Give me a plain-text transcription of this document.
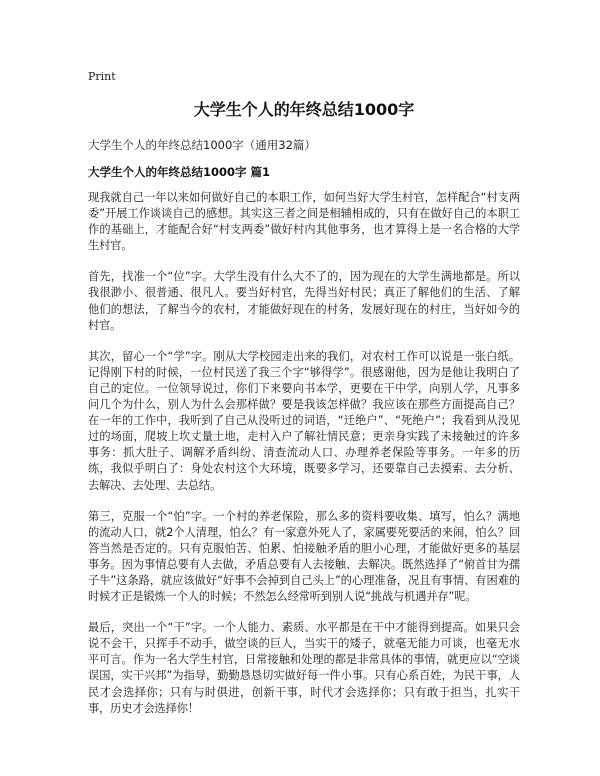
Print
大学生个人的年终总结1000字
大学生个人的年终总结1000字（通用32篇）
大学生个人的年终总结1000字 篇1

现我就自己一年以来如何做好自己的本职工作，如何当好大学生村官，怎样配合“村支两委”开展工作谈谈自己的感想。其实这三者之间是相辅相成的，只有在做好自己的本职工作的基础上，才能配合好“村支两委”做好村内其他事务，也才算得上是一名合格的大学生村官。

首先，找准一个“位”字。大学生没有什么大不了的，因为现在的大学生满地都是。所以我很渺小、很普通、很凡人。要当好村官，先得当好村民；真正了解他们的生活、了解他们的想法，了解当今的农村，才能做好现在的村务，发展好现在的村庄，当好如今的村官。

其次，留心一个“学”字。刚从大学校园走出来的我们，对农村工作可以说是一张白纸。记得刚下村的时候，一位村民送了我三个字“够得学”。很感谢他，因为是他让我明白了自己的定位。一位领导说过，你们下来要向书本学，更要在干中学，向别人学，凡事多问几个为什么，别人为什么会那样做？要是我该怎样做？我应该在那些方面提高自己？在一年的工作中，我听到了自己从没听过的词语，“迁绝户”、“死绝户”；我看到从没见过的场面，爬坡上坎丈量土地，走村入户了解社情民意；更亲身实践了未接触过的许多事务：抓大肚子、调解矛盾纠纷、清查流动人口、办理养老保险等事务。一年多的历练，我似乎明白了：身处农村这个大环境，既要多学习，还要靠自己去摸索、去分析、去解决、去处理、去总结。

第三，克服一个“怕”字。一个村的养老保险，那么多的资料要收集、填写，怕么？满地的流动人口，就2个人清理，怕么？有一家意外死人了，家属要死要活的来闹，怕么？回答当然是否定的。只有克服怕苦、怕累、怕接触矛盾的胆小心理，才能做好更多的基层事务。因为事情总要有人去做，矛盾总要有人去接触、去解决。既然选择了“俯首甘为孺子牛”这条路，就应该做好“好事不会掉到自己头上”的心理准备，况且有事情、有困难的时候才正是锻炼一个人的时候；不然怎么经常听到别人说“挑战与机遇并存”呢。

最后，突出一个“干”字。一个人能力、素质、水平都是在干中才能得到提高。如果只会说不会干，只挥手不动手，做空谈的巨人，当实干的矮子，就毫无能力可谈，也毫无水平可言。作为一名大学生村官，日常接触和处理的都是非常具体的事情，就更应以“空谈误国，实干兴邦”为指导，勤勤恳恳切实做好每一件小事。只有心系百姓，为民干事，人民才会选择你；只有与时俱进，创新干事，时代才会选择你；只有敢于担当，扎实干事，历史才会选择你！
